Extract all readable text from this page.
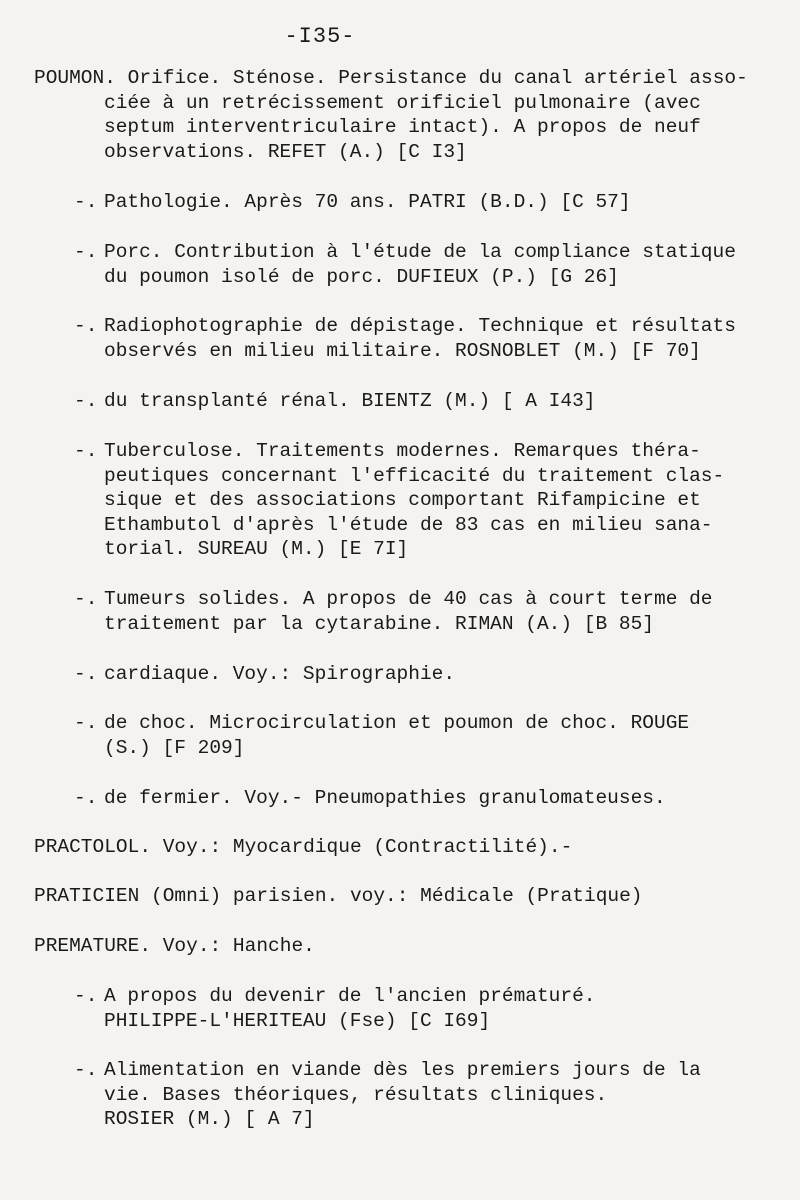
-I35-
POUMON. Orifice. Sténose. Persistance du canal artériel asso-
ciée à un retrécissement orificiel pulmonaire (avec
septum interventriculaire intact). A propos de neuf
observations. REFET (A.) [C I3]
-. Pathologie. Après 70 ans. PATRI (B.D.) [C 57]
-. Porc. Contribution à l'étude de la compliance statique
du poumon isolé de porc. DUFIEUX (P.) [G 26]
-. Radiophotographie de dépistage. Technique et résultats
observés en milieu militaire. ROSNOBLET (M.) [F 70]
-. du transplanté rénal. BIENTZ (M.) [ A I43]
-. Tuberculose. Traitements modernes. Remarques théra-
peutiques concernant l'efficacité du traitement clas-
sique et des associations comportant Rifampicine et
Ethambutol d'après l'étude de 83 cas en milieu sana-
torial. SUREAU (M.) [E 7I]
-. Tumeurs solides. A propos de 40 cas à court terme de
traitement par la cytarabine. RIMAN (A.) [B 85]
-. cardiaque. Voy.: Spirographie.
-. de choc. Microcirculation et poumon de choc. ROUGE
(S.) [F 209]
-. de fermier. Voy.- Pneumopathies granulomateuses.
PRACTOLOL. Voy.: Myocardique (Contractilité).-
PRATICIEN (Omni) parisien. voy.: Médicale (Pratique)
PREMATURE. Voy.: Hanche.
-. A propos du devenir de l'ancien prématuré.
PHILIPPE-L'HERITEAU (Fse) [C I69]
-. Alimentation en viande dès les premiers jours de la
vie. Bases théoriques, résultats cliniques.
ROSIER (M.) [ A 7]
